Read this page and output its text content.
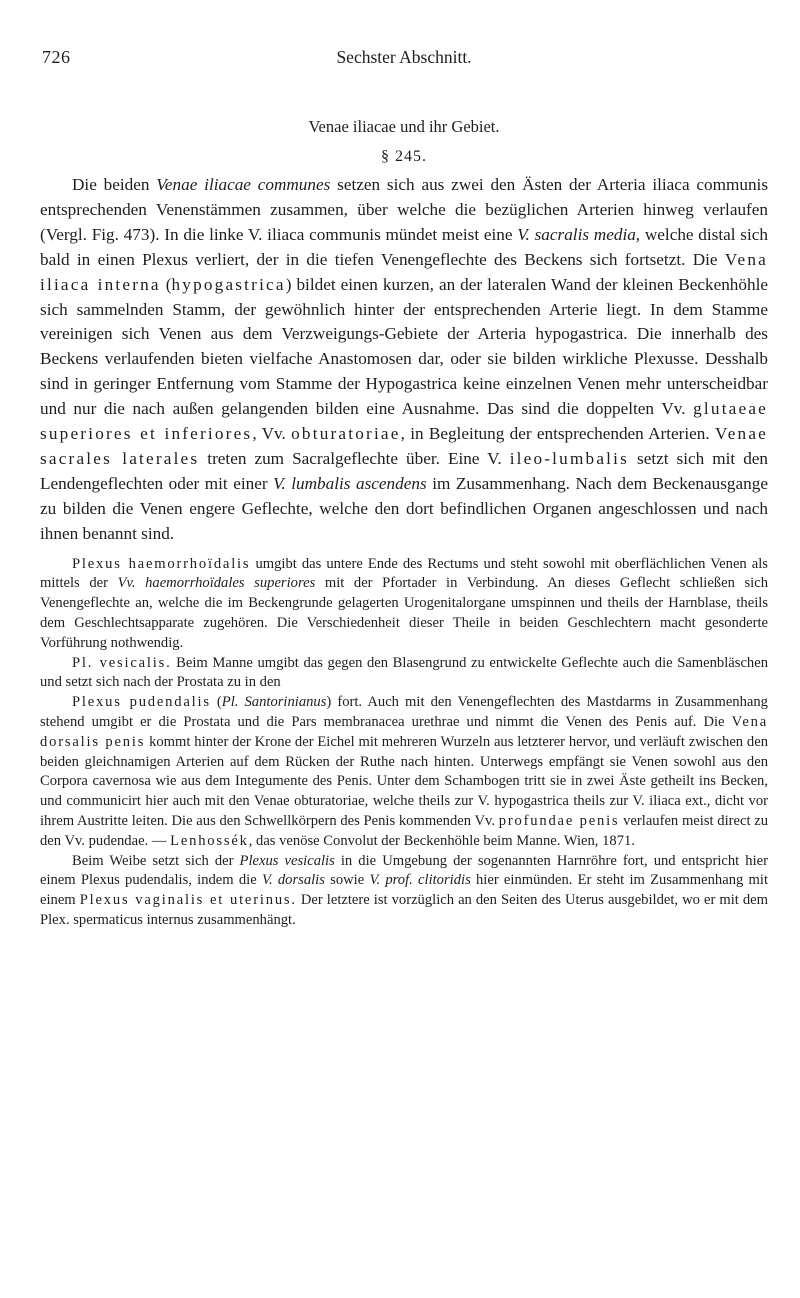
726	Sechster Abschnitt.
Venae iliacae und ihr Gebiet.
§ 245.

Die beiden Venae iliacae communes setzen sich aus zwei den Ästen der Arteria iliaca communis entsprechenden Venenstämmen zusammen, über welche die bezüglichen Arterien hinweg verlaufen (Vergl. Fig. 473). In die linke V. iliaca communis mündet meist eine V. sacralis media, welche distal sich bald in einen Plexus verliert, der in die tiefen Venengeflechte des Beckens sich fortsetzt. Die Vena iliaca interna (hypogastrica) bildet einen kurzen, an der lateralen Wand der kleinen Beckenhöhle sich sammelnden Stamm, der gewöhnlich hinter der entsprechenden Arterie liegt. In dem Stamme vereinigen sich Venen aus dem Verzweigungs-Gebiete der Arteria hypogastrica. Die innerhalb des Beckens verlaufenden bieten vielfache Anastomosen dar, oder sie bilden wirkliche Plexusse. Desshalb sind in geringer Entfernung vom Stamme der Hypogastrica keine einzelnen Venen mehr unterscheidbar und nur die nach außen gelangenden bilden eine Ausnahme. Das sind die doppelten Vv. glutaeae superiores et inferiores, Vv. obturatoriae, in Begleitung der entsprechenden Arterien. Venae sacrales laterales treten zum Sacralgeflechte über. Eine V. ileo-lumbalis setzt sich mit den Lendengeflechten oder mit einer V. lumbalis ascendens im Zusammenhang. Nach dem Beckenausgange zu bilden die Venen engere Geflechte, welche den dort befindlichen Organen angeschlossen und nach ihnen benannt sind.

Plexus haemorrhoïdalis umgibt das untere Ende des Rectums und steht sowohl mit oberflächlichen Venen als mittels der Vv. haemorrhoïdales superiores mit der Pfortader in Verbindung. An dieses Geflecht schließen sich Venengeflechte an, welche die im Beckengrunde gelagerten Urogenitalorgane umspinnen und theils der Harnblase, theils dem Geschlechtsapparate zugehören. Die Verschiedenheit dieser Theile in beiden Geschlechtern macht gesonderte Vorführung nothwendig.

Pl. vesicalis. Beim Manne umgibt das gegen den Blasengrund zu entwickelte Geflechte auch die Samenbläschen und setzt sich nach der Prostata zu in den

Plexus pudendalis (Pl. Santorinianus) fort. Auch mit den Venengeflechten des Mastdarms in Zusammenhang stehend umgibt er die Prostata und die Pars membranacea urethrae und nimmt die Venen des Penis auf. Die Vena dorsalis penis kommt hinter der Krone der Eichel mit mehreren Wurzeln aus letzterer hervor, und verläuft zwischen den beiden gleichnamigen Arterien auf dem Rücken der Ruthe nach hinten. Unterwegs empfängt sie Venen sowohl aus den Corpora cavernosa wie aus dem Integumente des Penis. Unter dem Schambogen tritt sie in zwei Äste getheilt ins Becken, und communicirt hier auch mit den Venae obturatoriae, welche theils zur V. hypogastrica theils zur V. iliaca ext., dicht vor ihrem Austritte leiten. Die aus den Schwellkörpern des Penis kommenden Vv. profundae penis verlaufen meist direct zu den Vv. pudendae. — Lenhossék, das venöse Convolut der Beckenhöhle beim Manne. Wien, 1871.

Beim Weibe setzt sich der Plexus vesicalis in die Umgebung der sogenannten Harnröhre fort, und entspricht hier einem Plexus pudendalis, indem die V. dorsalis sowie V. prof. clitoridis hier einmünden. Er steht im Zusammenhang mit einem Plexus vaginalis et uterinus. Der letztere ist vorzüglich an den Seiten des Uterus ausgebildet, wo er mit dem Plex. spermaticus internus zusammenhängt.
